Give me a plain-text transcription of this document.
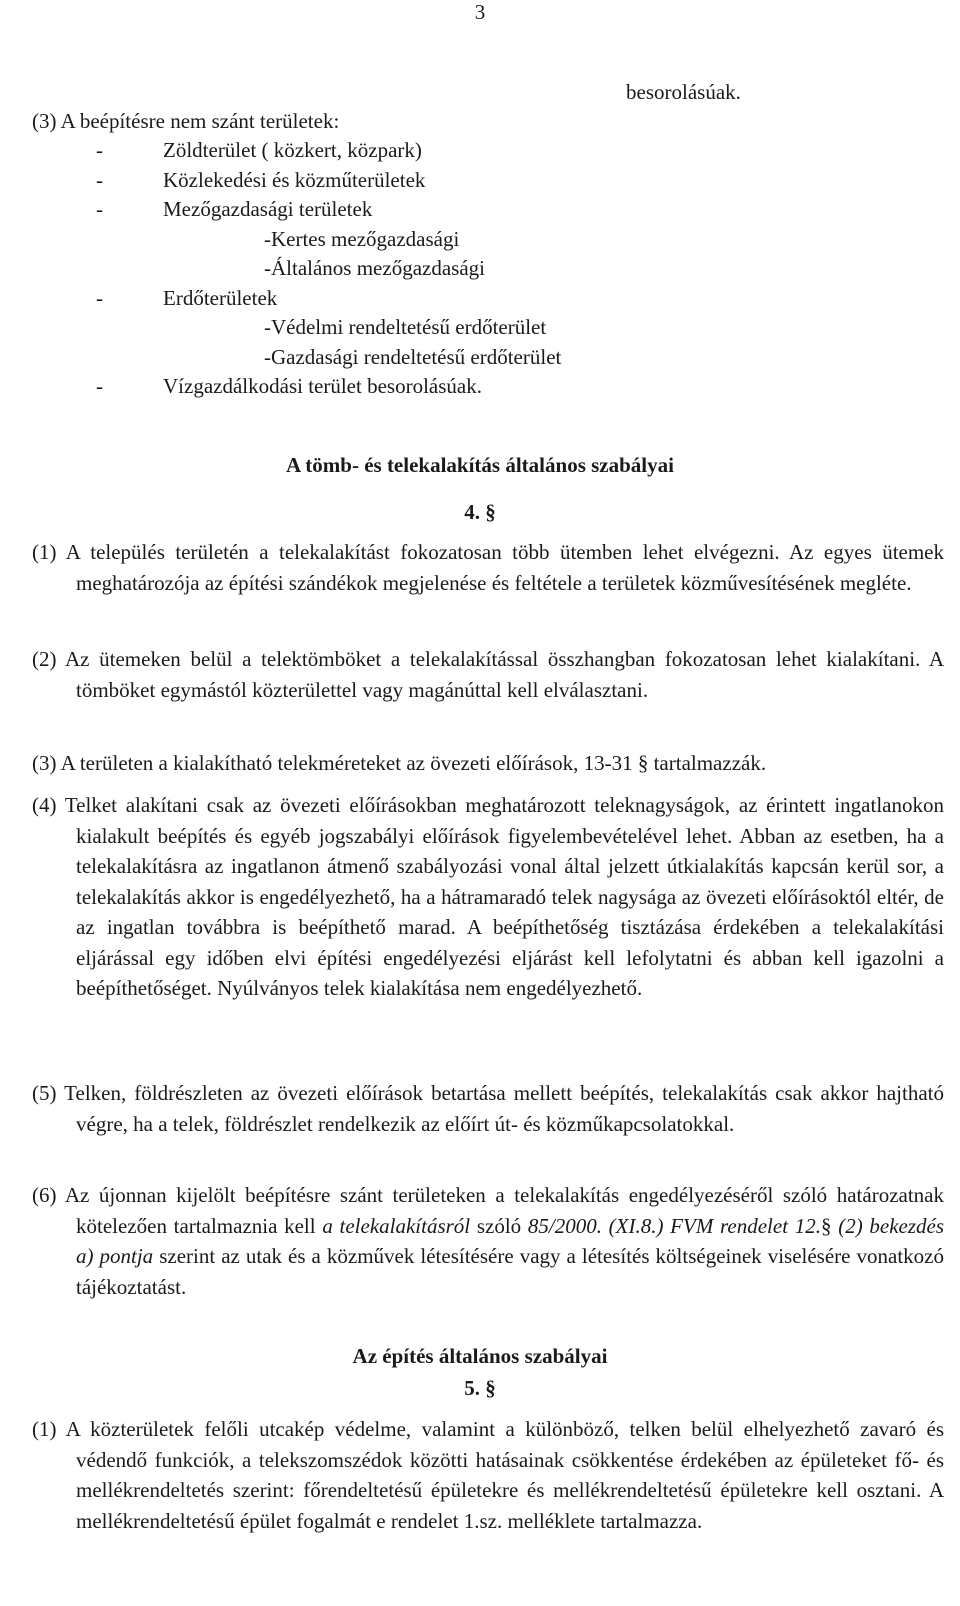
3
besorolásúak.
(3) A beépítésre nem szánt területek:
-	Zöldterület ( közkert, közpark)
-	Közlekedési és közműterületek
-	Mezőgazdasági területek
-Kertes mezőgazdasági
-Általános mezőgazdasági
-	Erdőterületek
-Védelmi rendeltetésű erdőterület
-Gazdasági rendeltetésű erdőterület
-	Vízgazdálkodási terület besorolásúak.
A tömb- és telekalakítás általános szabályai
4. §

(1) A település területén a telekalakítást fokozatosan több ütemben lehet elvégezni. Az egyes ütemek meghatározója az építési szándékok megjelenése és feltétele a területek közművesítésének megléte.

(2) Az ütemeken belül a telektömböket a telekalakítással összhangban fokozatosan lehet kialakítani. A tömböket egymástól közterülettel vagy magánúttal kell elválasztani.

(3) A területen a kialakítható telekméreteket az övezeti előírások, 13-31 § tartalmazzák.

(4) Telket alakítani csak az övezeti előírásokban meghatározott teleknagyságok, az érintett ingatlanokon kialakult beépítés és egyéb jogszabályi előírások figyelembevételével lehet. Abban az esetben, ha a telekalakításra az ingatlanon átmenő szabályozási vonal által jelzett útkialakítás kapcsán kerül sor, a telekalakítás akkor is engedélyezhető, ha a hátramaradó telek nagysága az övezeti előírásoktól eltér, de az ingatlan továbbra is beépíthető marad. A beépíthetőség tisztázása érdekében a telekalakítási eljárással egy időben elvi építési engedélyezési eljárást kell lefolytatni és abban kell igazolni a beépíthetőséget. Nyúlványos telek kialakítása nem engedélyezhető.

(5) Telken, földrészleten az övezeti előírások betartása mellett beépítés, telekalakítás csak akkor hajtható végre, ha a telek, földrészlet rendelkezik az előírt út- és közműkapcsolatokkal.

(6) Az újonnan kijelölt beépítésre szánt területeken a telekalakítás engedélyezéséről szóló határozatnak kötelezően tartalmaznia kell a telekalakításról szóló 85/2000. (XI.8.) FVM rendelet 12.§ (2) bekezdés a) pontja szerint az utak és a közművek létesítésére vagy a létesítés költségeinek viselésére vonatkozó tájékoztatást.

Az építés általános szabályai
5. §

(1) A közterületek felőli utcakép védelme, valamint a különböző, telken belül elhelyezhető zavaró és védendő funkciók, a telekszomszédok közötti hatásainak csökkentése érdekében az épületeket fő- és mellékrendeltetés szerint: főrendeltetésű épületekre és mellékrendeltetésű épületekre kell osztani. A mellékrendeltetésű épület fogalmát e rendelet 1.sz. melléklete tartalmazza.
